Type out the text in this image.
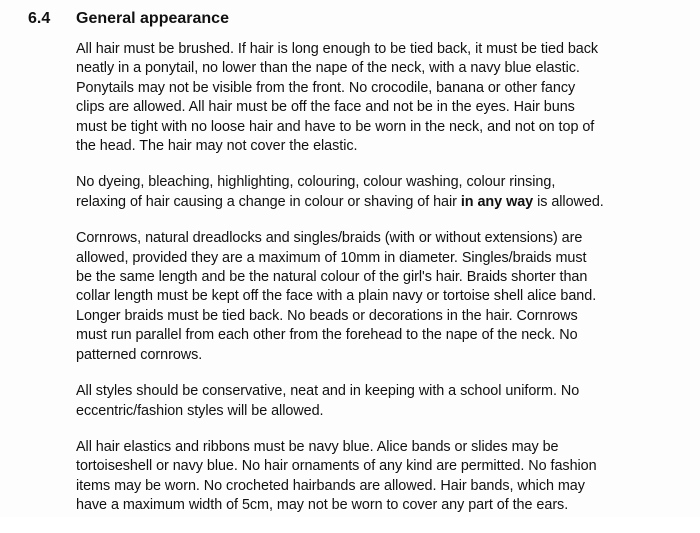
6.4	General appearance

All hair must be brushed. If hair is long enough to be tied back, it must be tied back
neatly in a ponytail, no lower than the nape of the neck, with a navy blue elastic.
Ponytails may not be visible from the front. No crocodile, banana or other fancy
clips are allowed. All hair must be off the face and not be in the eyes. Hair buns
must be tight with no loose hair and have to be worn in the neck, and not on top of
the head. The hair may not cover the elastic.

No dyeing, bleaching, highlighting, colouring, colour washing, colour rinsing,
relaxing of hair causing a change in colour or shaving of hair in any way is allowed.

Cornrows, natural dreadlocks and singles/braids (with or without extensions) are
allowed, provided they are a maximum of 10mm in diameter. Singles/braids must
be the same length and be the natural colour of the girl's hair. Braids shorter than
collar length must be kept off the face with a plain navy or tortoise shell alice band.
Longer braids must be tied back. No beads or decorations in the hair. Cornrows
must run parallel from each other from the forehead to the nape of the neck. No
patterned cornrows.

All styles should be conservative, neat and in keeping with a school uniform. No
eccentric/fashion styles will be allowed.

All hair elastics and ribbons must be navy blue. Alice bands or slides may be
tortoiseshell or navy blue. No hair ornaments of any kind are permitted. No fashion
items may be worn. No crocheted hairbands are allowed. Hair bands, which may
have a maximum width of 5cm, may not be worn to cover any part of the ears.
